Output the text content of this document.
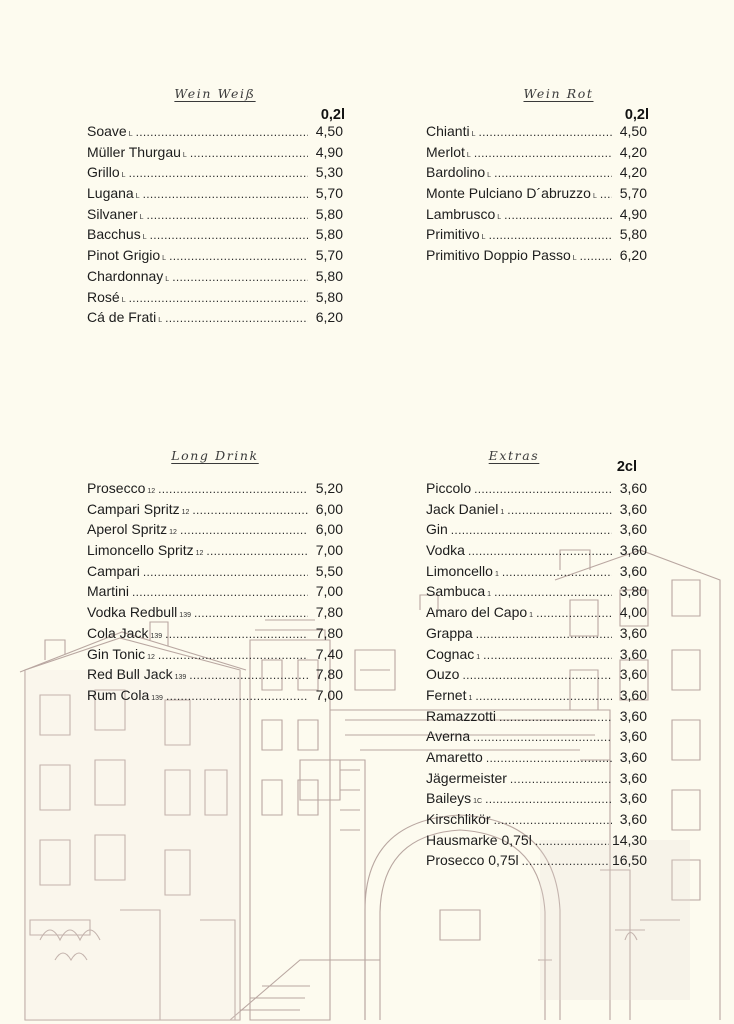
Wein Weiß
0,2l
Soave L .....	4,50
Müller Thurgau L .....	4,90
Grillo L .....	5,30
Lugana L .....	5,70
Silvaner L .....	5,80
Bacchus L .....	5,80
Pinot Grigio L .....	5,70
Chardonnay L .....	5,80
Rosé L .....	5,80
Cá de Frati L .....	6,20
Wein Rot
0,2l
Chianti L .....	4,50
Merlot L .....	4,20
Bardolino L .....	4,20
Monte Pulciano D´abruzzo L .....	5,70
Lambrusco L .....	4,90
Primitivo L .....	5,80
Primitivo Doppio Passo L .....	6,20
Long Drink
Prosecco 12 .....	5,20
Campari Spritz 12 .....	6,00
Aperol Spritz 12 .....	6,00
Limoncello Spritz 12 .....	7,00
Campari .....	5,50
Martini .....	7,00
Vodka Redbull 139 .....	7,80
Cola Jack 139 .....	7,80
Gin Tonic 12 .....	7,40
Red Bull Jack 139 .....	7,80
Rum Cola 139 .....	7,00
Extras
2cl
Piccolo .....	3,60
Jack Daniel 1 .....	3,60
Gin .....	3,60
Vodka .....	3,60
Limoncello 1 .....	3,60
Sambuca 1 .....	3,80
Amaro del Capo 1 .....	4,00
Grappa .....	3,60
Cognac 1 .....	3,60
Ouzo .....	3,60
Fernet 1 .....	3,60
Ramazzotti .....	3,60
Averna .....	3,60
Amaretto .....	3,60
Jägermeister .....	3,60
Baileys 1C .....	3,60
Kirschlikör .....	3,60
Hausmarke 0,75l .....	14,30
Prosecco 0,75l .....	16,50
